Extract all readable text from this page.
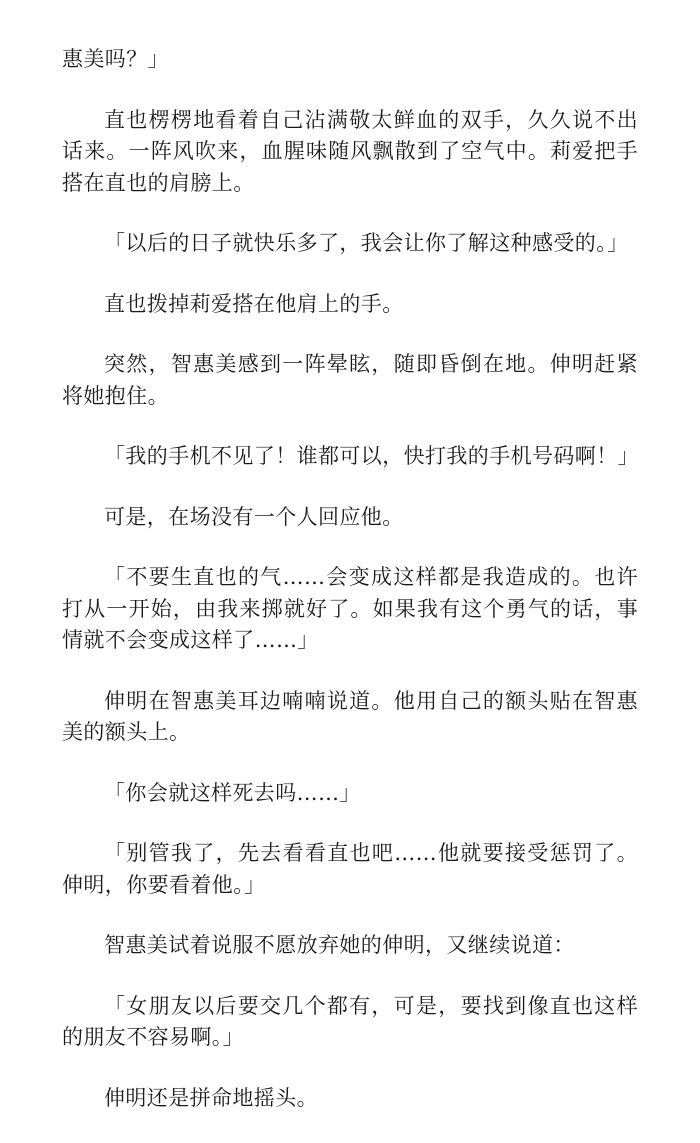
惠美吗？」

直也楞楞地看着自己沾满敬太鲜血的双手，久久说不出话来。一阵风吹来，血腥味随风飘散到了空气中。莉爱把手搭在直也的肩膀上。

「以后的日子就快乐多了，我会让你了解这种感受的。」

直也拨掉莉爱搭在他肩上的手。

突然，智惠美感到一阵晕眩，随即昏倒在地。伸明赶紧将她抱住。

「我的手机不见了！谁都可以，快打我的手机号码啊！」

可是，在场没有一个人回应他。

「不要生直也的气……会变成这样都是我造成的。也许打从一开始，由我来掷就好了。如果我有这个勇气的话，事情就不会变成这样了……」

伸明在智惠美耳边喃喃说道。他用自己的额头贴在智惠美的额头上。

「你会就这样死去吗……」

「别管我了，先去看看直也吧……他就要接受惩罚了。伸明，你要看着他。」

智惠美试着说服不愿放弃她的伸明，又继续说道：

「女朋友以后要交几个都有，可是，要找到像直也这样的朋友不容易啊。」

伸明还是拼命地摇头。
